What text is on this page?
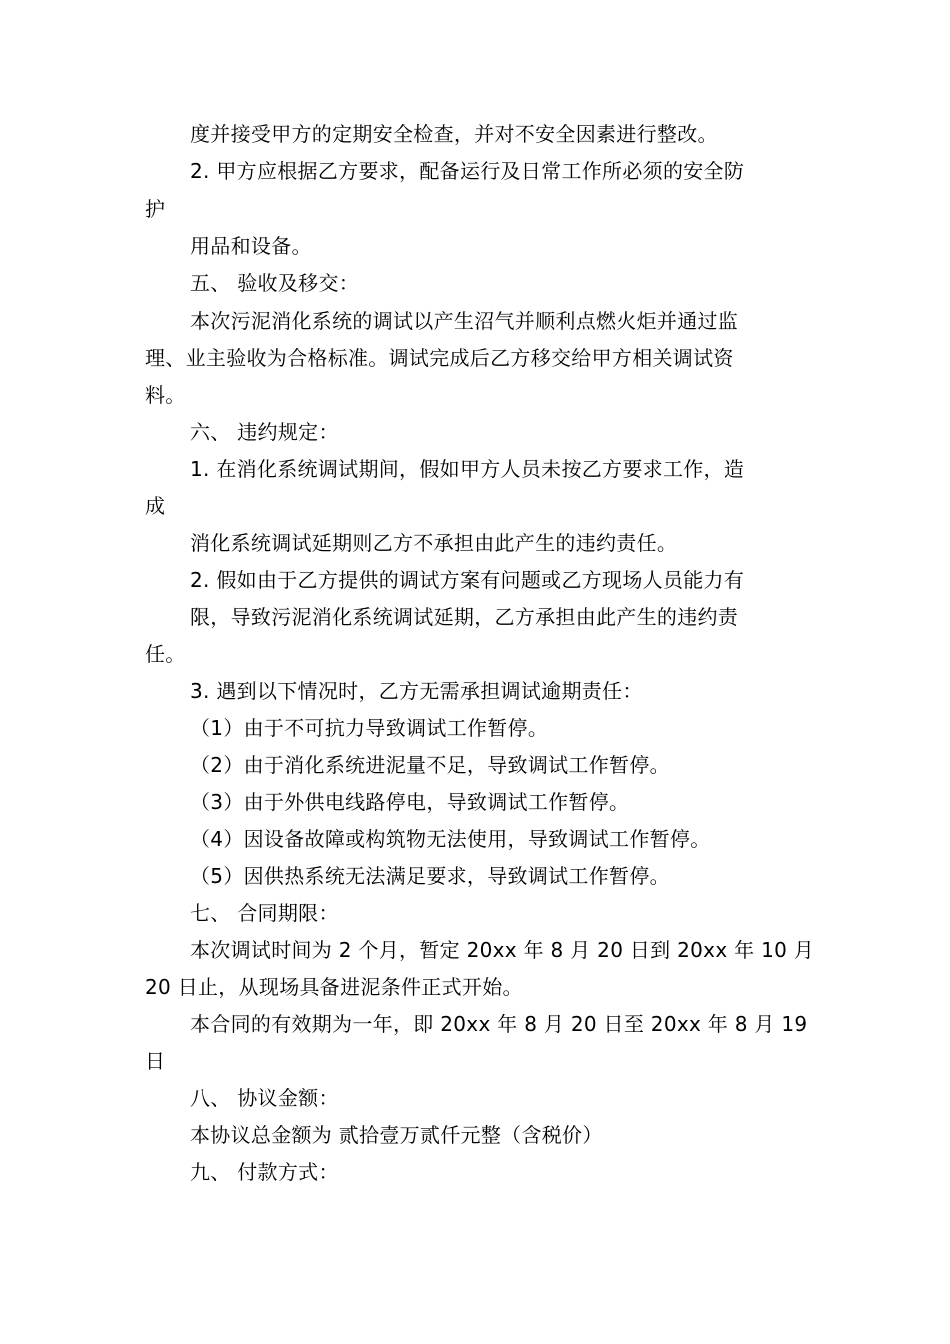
度并接受甲方的定期安全检查，并对不安全因素进行整改。
2. 甲方应根据乙方要求，配备运行及日常工作所必须的安全防
护
用品和设备。
五、 验收及移交：
本次污泥消化系统的调试以产生沼气并顺利点燃火炬并通过监
理、业主验收为合格标准。调试完成后乙方移交给甲方相关调试资
料。
六、 违约规定：
1. 在消化系统调试期间，假如甲方人员未按乙方要求工作，造
成
消化系统调试延期则乙方不承担由此产生的违约责任。
2. 假如由于乙方提供的调试方案有问题或乙方现场人员能力有
限，导致污泥消化系统调试延期，乙方承担由此产生的违约责
任。
3. 遇到以下情况时，乙方无需承担调试逾期责任：
（1）由于不可抗力导致调试工作暂停。
（2）由于消化系统进泥量不足，导致调试工作暂停。
（3）由于外供电线路停电，导致调试工作暂停。
（4）因设备故障或构筑物无法使用，导致调试工作暂停。
（5）因供热系统无法满足要求，导致调试工作暂停。
七、 合同期限：
本次调试时间为 2 个月，暂定 20xx 年 8 月 20 日到 20xx 年 10 月
20 日止，从现场具备进泥条件正式开始。
本合同的有效期为一年，即 20xx 年 8 月 20 日至 20xx 年 8 月 19
日
八、 协议金额：
本协议总金额为 贰拾壹万贰仟元整（含税价）
九、 付款方式：
